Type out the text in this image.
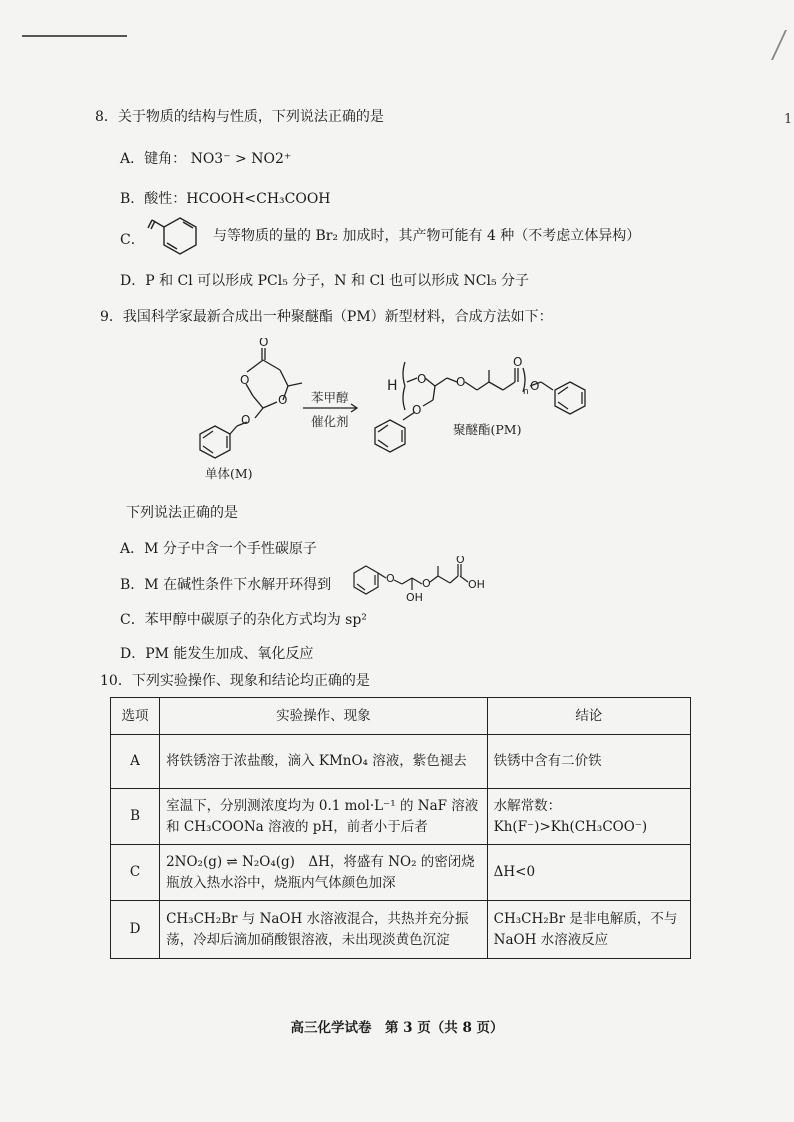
1
8．关于物质的结构与性质，下列说法正确的是
A．键角： NO3⁻ > NO2⁺
B．酸性：HCOOH<CH₃COOH
C．	与等物质的量的 Br₂ 加成时，其产物可能有 4 种（不考虑立体异构）
D．P 和 Cl 可以形成 PCl₅ 分子，N 和 Cl 也可以形成 NCl₅ 分子
9．我国科学家最新合成出一种聚醚酯（PM）新型材料，合成方法如下：
O
O
O
O
H O
O
O
O
n O
苯甲醇
催化剂
聚醚酯(PM)
单体(M)
下列说法正确的是
A．M 分子中含一个手性碳原子
B．M 在碱性条件下水解开环得到	O
OH
O
O
OH
C．苯甲醇中碳原子的杂化方式均为 sp²
D．PM 能发生加成、氧化反应
10．下列实验操作、现象和结论均正确的是
选项	实验操作、现象	结论
A	将铁锈溶于浓盐酸，滴入 KMnO₄ 溶液，紫色褪去	铁锈中含有二价铁
B	室温下，分别测浓度均为 0.1 mol·L⁻¹ 的 NaF 溶液和 CH₃COONa 溶液的 pH，前者小于后者	水解常数：Kh(F⁻)>Kh(CH₃COO⁻)
C	2NO₂(g) ⇌ N₂O₄(g)　ΔH，将盛有 NO₂ 的密闭烧瓶放入热水浴中，烧瓶内气体颜色加深	ΔH<0
D	CH₃CH₂Br 与 NaOH 水溶液混合，共热并充分振荡，冷却后滴加硝酸银溶液，未出现淡黄色沉淀	CH₃CH₂Br 是非电解质，不与 NaOH 水溶液反应
高三化学试卷　第 3 页（共 8 页）
